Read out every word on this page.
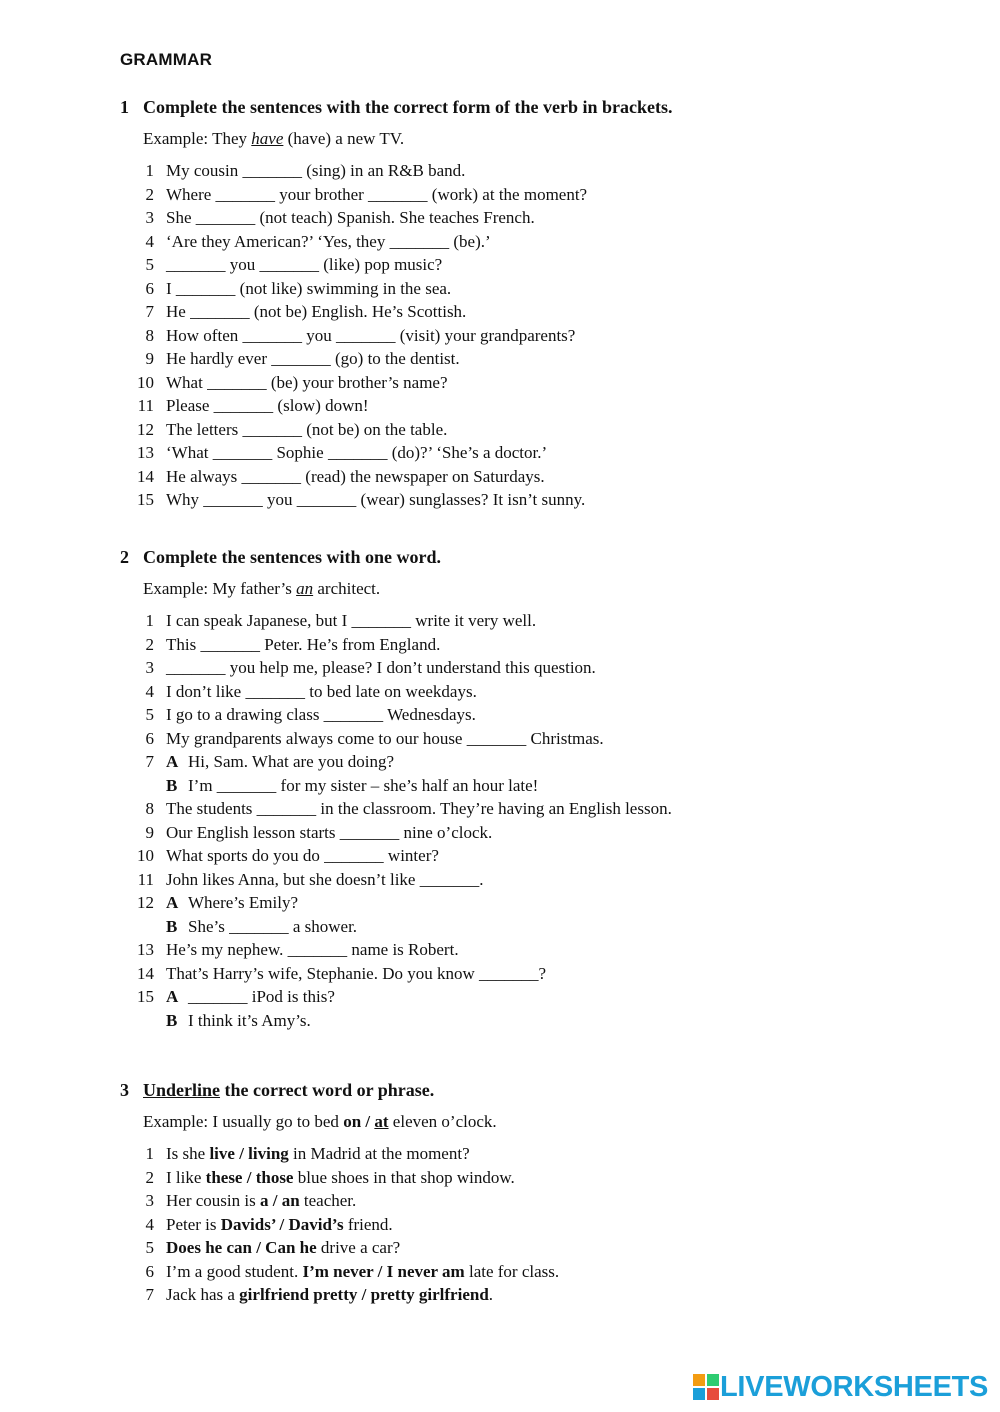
GRAMMAR
1 Complete the sentences with the correct form of the verb in brackets.
Example: They have (have) a new TV.
1 My cousin _______ (sing) in an R&B band.
2 Where _______ your brother _______ (work) at the moment?
3 She _______ (not teach) Spanish. She teaches French.
4 ‘Are they American?’ ‘Yes, they _______ (be).’
5 _______ you _______ (like) pop music?
6 I _______ (not like) swimming in the sea.
7 He _______ (not be) English. He’s Scottish.
8 How often _______ you _______ (visit) your grandparents?
9 He hardly ever _______ (go) to the dentist.
10 What _______ (be) your brother’s name?
11 Please _______ (slow) down!
12 The letters _______ (not be) on the table.
13 ‘What _______ Sophie _______ (do)?’ ‘She’s a doctor.’
14 He always _______ (read) the newspaper on Saturdays.
15 Why _______ you _______ (wear) sunglasses? It isn’t sunny.
2 Complete the sentences with one word.
Example: My father’s an architect.
1 I can speak Japanese, but I _______ write it very well.
2 This _______ Peter. He’s from England.
3 _______ you help me, please? I don’t understand this question.
4 I don’t like _______ to bed late on weekdays.
5 I go to a drawing class _______ Wednesdays.
6 My grandparents always come to our house _______ Christmas.
7 A Hi, Sam. What are you doing?
B I’m _______ for my sister – she’s half an hour late!
8 The students _______ in the classroom. They’re having an English lesson.
9 Our English lesson starts _______ nine o’clock.
10 What sports do you do _______ winter?
11 John likes Anna, but she doesn’t like _______.
12 A Where’s Emily?
B She’s _______ a shower.
13 He’s my nephew. _______ name is Robert.
14 That’s Harry’s wife, Stephanie. Do you know _______?
15 A _______ iPod is this?
B I think it’s Amy’s.
3 Underline the correct word or phrase.
Example: I usually go to bed on / at eleven o’clock.
1 Is she live / living in Madrid at the moment?
2 I like these / those blue shoes in that shop window.
3 Her cousin is a / an teacher.
4 Peter is Davids’ / David’s friend.
5 Does he can / Can he drive a car?
6 I’m a good student. I’m never / I never am late for class.
7 Jack has a girlfriend pretty / pretty girlfriend.
LIVEWORKSHEETS
